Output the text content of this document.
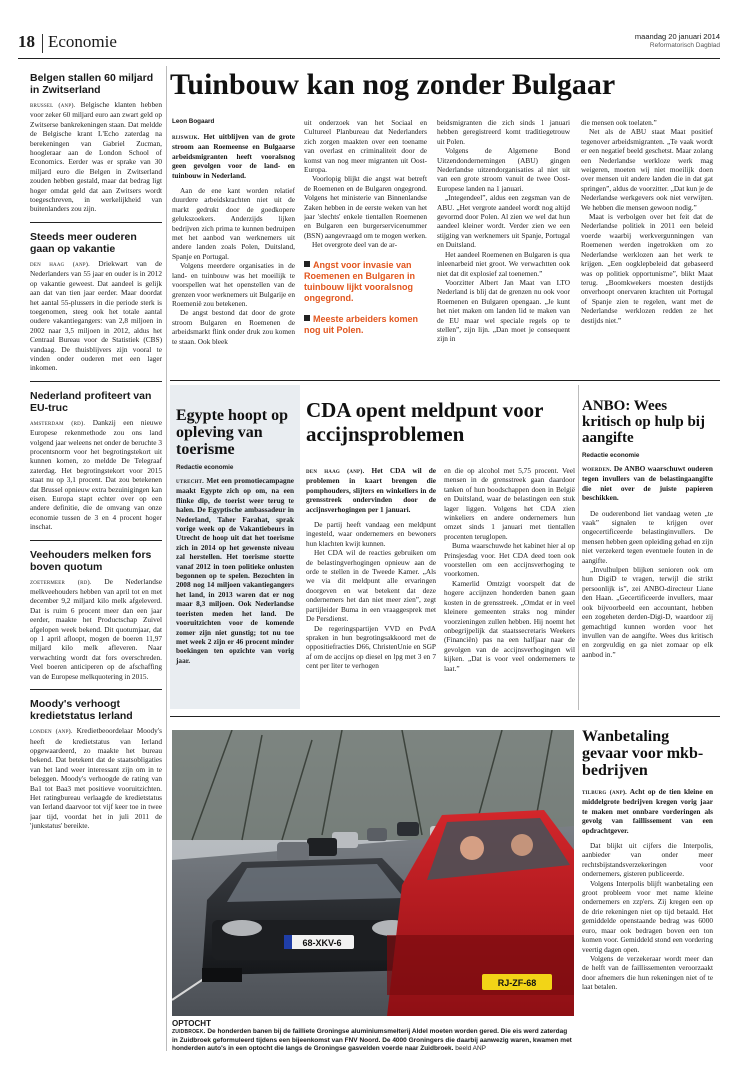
18 Economie	maandag 20 januari 2014
Reformatorisch Dagblad
Belgen stallen 60 miljard in Zwitserland

brussel (anp). Belgische klanten hebben voor zeker 60 miljard euro aan zwart geld op Zwitserse bankrekeningen staan. Dat meldde de Belgische krant L'Echo zaterdag na berekeningen van Gabriel Zucman, hoogleraar aan de London School of Economics. Eerder was er sprake van 30 miljard euro die Belgen in Zwitserland zouden hebben gestald, maar dat bedrag ligt hoger omdat geld dat aan Zwitsers wordt toegeschreven, in werkelijkheid van buitenlanders zou zijn.

Steeds meer ouderen gaan op vakantie

den haag (anp). Driekwart van de Nederlanders van 55 jaar en ouder is in 2012 op vakantie geweest. Dat aandeel is gelijk aan dat van tien jaar eerder. Maar doordat het aantal 55-plussers in die periode sterk is toegenomen, steeg ook het totale aantal oudere vakantiegangers: van 2,8 miljoen in 2002 naar 3,5 miljoen in 2012, aldus het Centraal Bureau voor de Statistiek (CBS) vandaag. De thuisblijvers zijn vooral te vinden onder ouderen met een lager inkomen.

Nederland profiteert van EU-truc

amsterdam (rd). Dankzij een nieuwe Europese rekenmethode zou ons land volgend jaar weleens net onder de beruchte 3 procentsnorm voor het begrotingstekort uit kunnen komen, zo meldde De Telegraaf zaterdag. Het begrotingstekort voor 2015 staat nu op 3,1 procent. Dat zou betekenen dat Brussel opnieuw extra bezuinigingen kan eisen. Europa stapt echter over op een andere definitie, die de omvang van onze economie tussen de 3 en 4 procent hoger inschat.

Veehouders melken fors boven quotum

zoetermeer (rd). De Nederlandse melkveehouders hebben van april tot en met december 9,2 miljard kilo melk afgeleverd. Dat is ruim 6 procent meer dan een jaar eerder, maakte het Productschap Zuivel afgelopen week bekend. Dit quotumjaar, dat op 1 april afloopt, mogen de boeren 11,97 miljard kilo melk afleveren. Naar verwachting wordt dat fors overschreden. Veel boeren anticiperen op de afschaffing van de Europese melkquotering in 2015.

Moody's verhoogt kredietstatus Ierland

londen (anp). Kredietbeoordelaar Moody's heeft de kredietstatus van Ierland opgewaardeerd, zo maakte het bureau bekend. Dat betekent dat de staatsobligaties van het land weer interessant zijn om in te beleggen. Moody's verhoogde de rating van Ba1 tot Baa3 met positieve vooruitzichten. Het ratingbureau verlaagde de kredietstatus van Ierland daarvoor tot vijf keer toe in twee jaar tijd, voordat het in juli 2011 de 'junkstatus' bereikte.

Tuinbouw kan nog zonder Bulgaar
Leon Bogaard

rijswijk. Het uitblijven van de grote stroom aan Roemeense en Bulgaarse arbeidsmigranten heeft vooralsnog geen gevolgen voor de land- en tuinbouw in Nederland.

Aan de ene kant worden relatief duurdere arbeidskrachten niet uit de markt gedrukt door de goedkopere gelukszoekers. Anderzijds lijken bedrijven zich prima te kunnen bedruipen met het aanbod van werknemers uit andere landen zoals Polen, Duitsland, Spanje en Portugal.

Volgens meerdere organisaties in de land- en tuinbouw was het moeilijk te voorspellen wat het openstellen van de grenzen voor werknemers uit Bulgarije en Roemenië zou betekenen.

De angst bestond dat door de grote stroom Bulgaren en Roemenen de arbeidsmarkt flink onder druk zou komen te staan. Ook bleek

uit onderzoek van het Sociaal en Cultureel Planbureau dat Nederlanders zich zorgen maakten over een toename van overlast en criminaliteit door de komst van nog meer migranten uit Oost-Europa.

Voorlopig blijkt die angst wat betreft de Roemenen en de Bulgaren ongegrond. Volgens het ministerie van Binnenlandse Zaken hebben in de eerste weken van het jaar 'slechts' enkele tientallen Roemenen en Bulgaren een burgerservicenummer (BSN) aangevraagd om te mogen werken.

Het overgrote deel van de ar-

Angst voor invasie van Roemenen en Bulgaren in tuinbouw lijkt vooralsnog ongegrond.

Meeste arbeiders komen nog uit Polen.

beidsmigranten die zich sinds 1 januari hebben geregistreerd komt traditiegetrouw uit Polen.

Volgens de Algemene Bond Uitzendondernemingen (ABU) gingen Nederlandse uitzendorganisaties al niet uit van een grote stroom vanuit de twee Oost-Europese landen na 1 januari.

„Integendeel”, aldus een zegsman van de ABU. „Het vergrote aandeel wordt nog altijd gevormd door Polen. Al zien we wel dat hun aandeel kleiner wordt. Verder zien we een stijging van werknemers uit Spanje, Portugal en Duitsland.

Het aandeel Roemenen en Bulgaren is qua inleenarbeid niet groot. We verwachtten ook niet dat dit explosief zal toenemen.”

Voorzitter Albert Jan Maat van LTO Nederland is blij dat de grenzen nu ook voor Roemenen en Bulgaren opengaan. „Je kunt het niet maken om landen lid te maken van de EU maar wel speciale regels op te stellen”, zijn lijn. „Dan moet je consequent zijn in

die mensen ook toelaten.”

Net als de ABU staat Maat positief tegenover arbeidsmigranten. „Te vaak wordt er een negatief beeld geschetst. Maar zolang een Nederlandse werkloze werk mag weigeren, moeten wij niet moeilijk doen over mensen uit andere landen die in dat gat springen”, aldus de voorzitter. „Dat kun je de Nederlandse werkgevers ook niet verwijten. We hebben die mensen gewoon nodig.”

Maat is verbolgen over het feit dat de Nederlandse politiek in 2011 een beleid voerde waarbij werkvergunningen van Roemenen werden ingetrokken om zo Nederlandse werklozen aan het werk te krijgen. „Een oogklepbeleid dat gebaseerd was op politiek opportunisme”, blikt Maat terug. „Boomkwekers moesten destijds onverhoopt onervaren krachten uit Portugal of Spanje zien te regelen, want met de Nederlandse werklozen redden ze het destijds niet.”

Egypte hoopt op opleving van toerisme
Redactie economie

utrecht. Met een promotiecampagne maakt Egypte zich op om, na een flinke dip, de toerist weer terug te halen. De Egyptische ambassadeur in Nederland, Taher Farahat, sprak vorige week op de Vakantiebeurs in Utrecht de hoop uit dat het toerisme zich in 2014 op het gewenste niveau zal herstellen. Het toerisme stortte vanaf 2012 in toen politieke onlusten begonnen op te spelen. Bezochten in 2008 nog 14 miljoen vakantiegangers het land, in 2013 waren dat er nog maar 8,3 miljoen. Ook Nederlandse toeristen meden het land. De vooruitzichten voor de komende zomer zijn niet gunstig; tot nu toe met week 2 zijn er 46 procent minder boekingen ten opzichte van vorig jaar.

CDA opent meldpunt voor accijnsproblemen

den haag (anp). Het CDA wil de problemen in kaart brengen die pomphouders, slijters en winkeliers in de grensstreek ondervinden door de accijnsverhogingen per 1 januari.

De partij heeft vandaag een meldpunt ingesteld, waar ondernemers en bewoners hun klachten kwijt kunnen.

Het CDA wil de reacties gebruiken om de belastingverhogingen opnieuw aan de orde te stellen in de Tweede Kamer. „Als we via dit meldpunt alle ervaringen doorgeven en wat betekent dat deze ondernemers het dan niet meer zien”, zegt partijleider Buma in een vraaggesprek met De Persdienst.

De regeringspartijen VVD en PvdA spraken in hun begrotingsakkoord met de oppositiefracties D66, ChristenUnie en SGP af om de accijns op diesel en lpg met 3 en 7 cent per liter te verhogen

en die op alcohol met 5,75 procent. Veel mensen in de grensstreek gaan daardoor tanken of hun boodschappen doen in België en Duitsland, waar de belastingen een stuk lager liggen. Volgens het CDA zien winkeliers en andere ondernemers hun omzet sinds 1 januari met tientallen procenten teruglopen.

Buma waarschuwde het kabinet hier al op Prinsjesdag voor. Het CDA deed toen ook voorstellen om een accijnsverhoging te voorkomen.

Kamerlid Omtzigt voorspelt dat de hogere accijnzen honderden banen gaan kosten in de grensstreek. „Omdat er in veel kleinere gemeenten straks nog minder voorzieningen zullen hebben. Hij noemt het onbegrijpelijk dat staatssecretaris Weekers (Financiën) pas na een halfjaar naar de gevolgen van de accijnsverhogingen wil kijken. „Dat is voor veel ondernemers te laat.”

ANBO: Wees kritisch op hulp bij aangifte
Redactie economie

woerden. De ANBO waarschuwt ouderen tegen invullers van de belastingaangifte die niet over de juiste papieren beschikken.

De ouderenbond liet vandaag weten „te vaak” signalen te krijgen over ongecertificeerde belastinginvullers. De mensen hebben geen opleiding gehad en zijn niet verzekerd tegen eventuele fouten in de aangifte.

„Invulhulpen blijken senioren ook om hun DigiD te vragen, terwijl die strikt persoonlijk is”, zei ANBO-directeur Liane den Haan. „Gecertificeerde invullers, maar ook bijvoorbeeld een accountant, hebben een zogeheten derden-Digi-D, waardoor zij gemachtigd kunnen worden voor het invullen van de aangifte. Wees dus kritisch en zorgvuldig en ga niet zomaar op elk aanbod in.”

68-XKV-6
RJ-ZF-68

OPTOCHT
zuidbroek. De honderden banen bij de failliete Groningse aluminiumsmelterij Aldel moeten worden gered. Die eis werd zaterdag in Zuidbroek geformuleerd tijdens een bijeenkomst van FNV Noord. De 4000 Groningers die daarbij aanwezig waren, kwamen met honderden auto's in een optocht die langs de Groningse gasvelden voerde naar Zuidbroek. beeld ANP

Wanbetaling gevaar voor mkb-bedrijven

tilburg (anp). Acht op de tien kleine en middelgrote bedrijven kregen vorig jaar te maken met onnbare vorderingen als gevolg van faillissement van een opdrachtgever.

Dat blijkt uit cijfers die Interpolis, aanbieder van onder meer rechtsbijstandsverzekeringen voor ondernemers, gisteren publiceerde.

Volgens Interpolis blijft wanbetaling een groot probleem voor met name kleine ondernemers en zzp'ers. Zij kregen een op de drie rekeningen niet op tijd betaald. Het gemiddelde openstaande bedrag was 6000 euro, maar ook bedragen boven een ton komen voor. Gemiddeld stond een vordering veertig dagen open.

Volgens de verzekeraar wordt meer dan de helft van de faillissementen veroorzaakt door afnemers die hun rekeningen niet of te laat betalen.
